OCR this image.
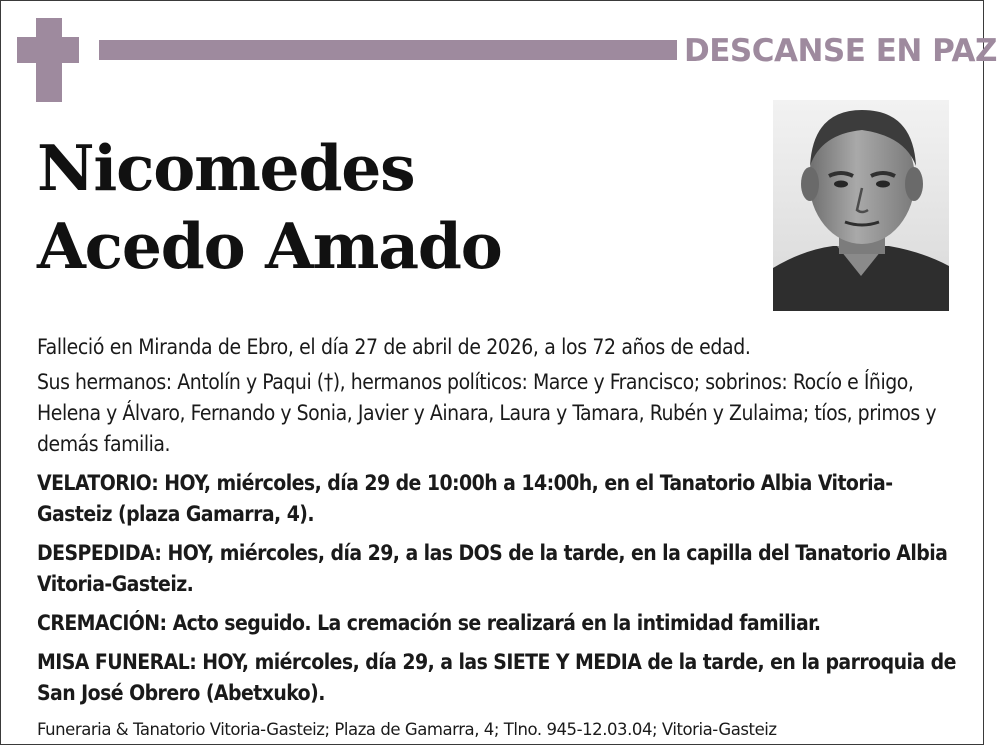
DESCANSE EN PAZ
Nicomedes
Acedo Amado

Falleció en Miranda de Ebro, el día 27 de abril de 2026, a los 72 años de edad.

Sus hermanos: Antolín y Paqui (†), hermanos políticos: Marce y Francisco; sobrinos: Rocío e Íñigo, Helena y Álvaro, Fernando y Sonia, Javier y Ainara, Laura y Tamara, Rubén y Zulaima; tíos, primos y demás familia.

VELATORIO: HOY, miércoles, día 29 de 10:00h a 14:00h, en el Tanatorio Albia Vitoria-Gasteiz (plaza Gamarra, 4).

DESPEDIDA: HOY, miércoles, día 29, a las DOS de la tarde, en la capilla del Tanatorio Albia Vitoria-Gasteiz.

CREMACIÓN: Acto seguido. La cremación se realizará en la intimidad familiar.

MISA FUNERAL: HOY, miércoles, día 29, a las SIETE Y MEDIA de la tarde, en la parroquia de San José Obrero (Abetxuko).

Funeraria & Tanatorio Vitoria-Gasteiz; Plaza de Gamarra, 4; Tlno. 945-12.03.04; Vitoria-Gasteiz
